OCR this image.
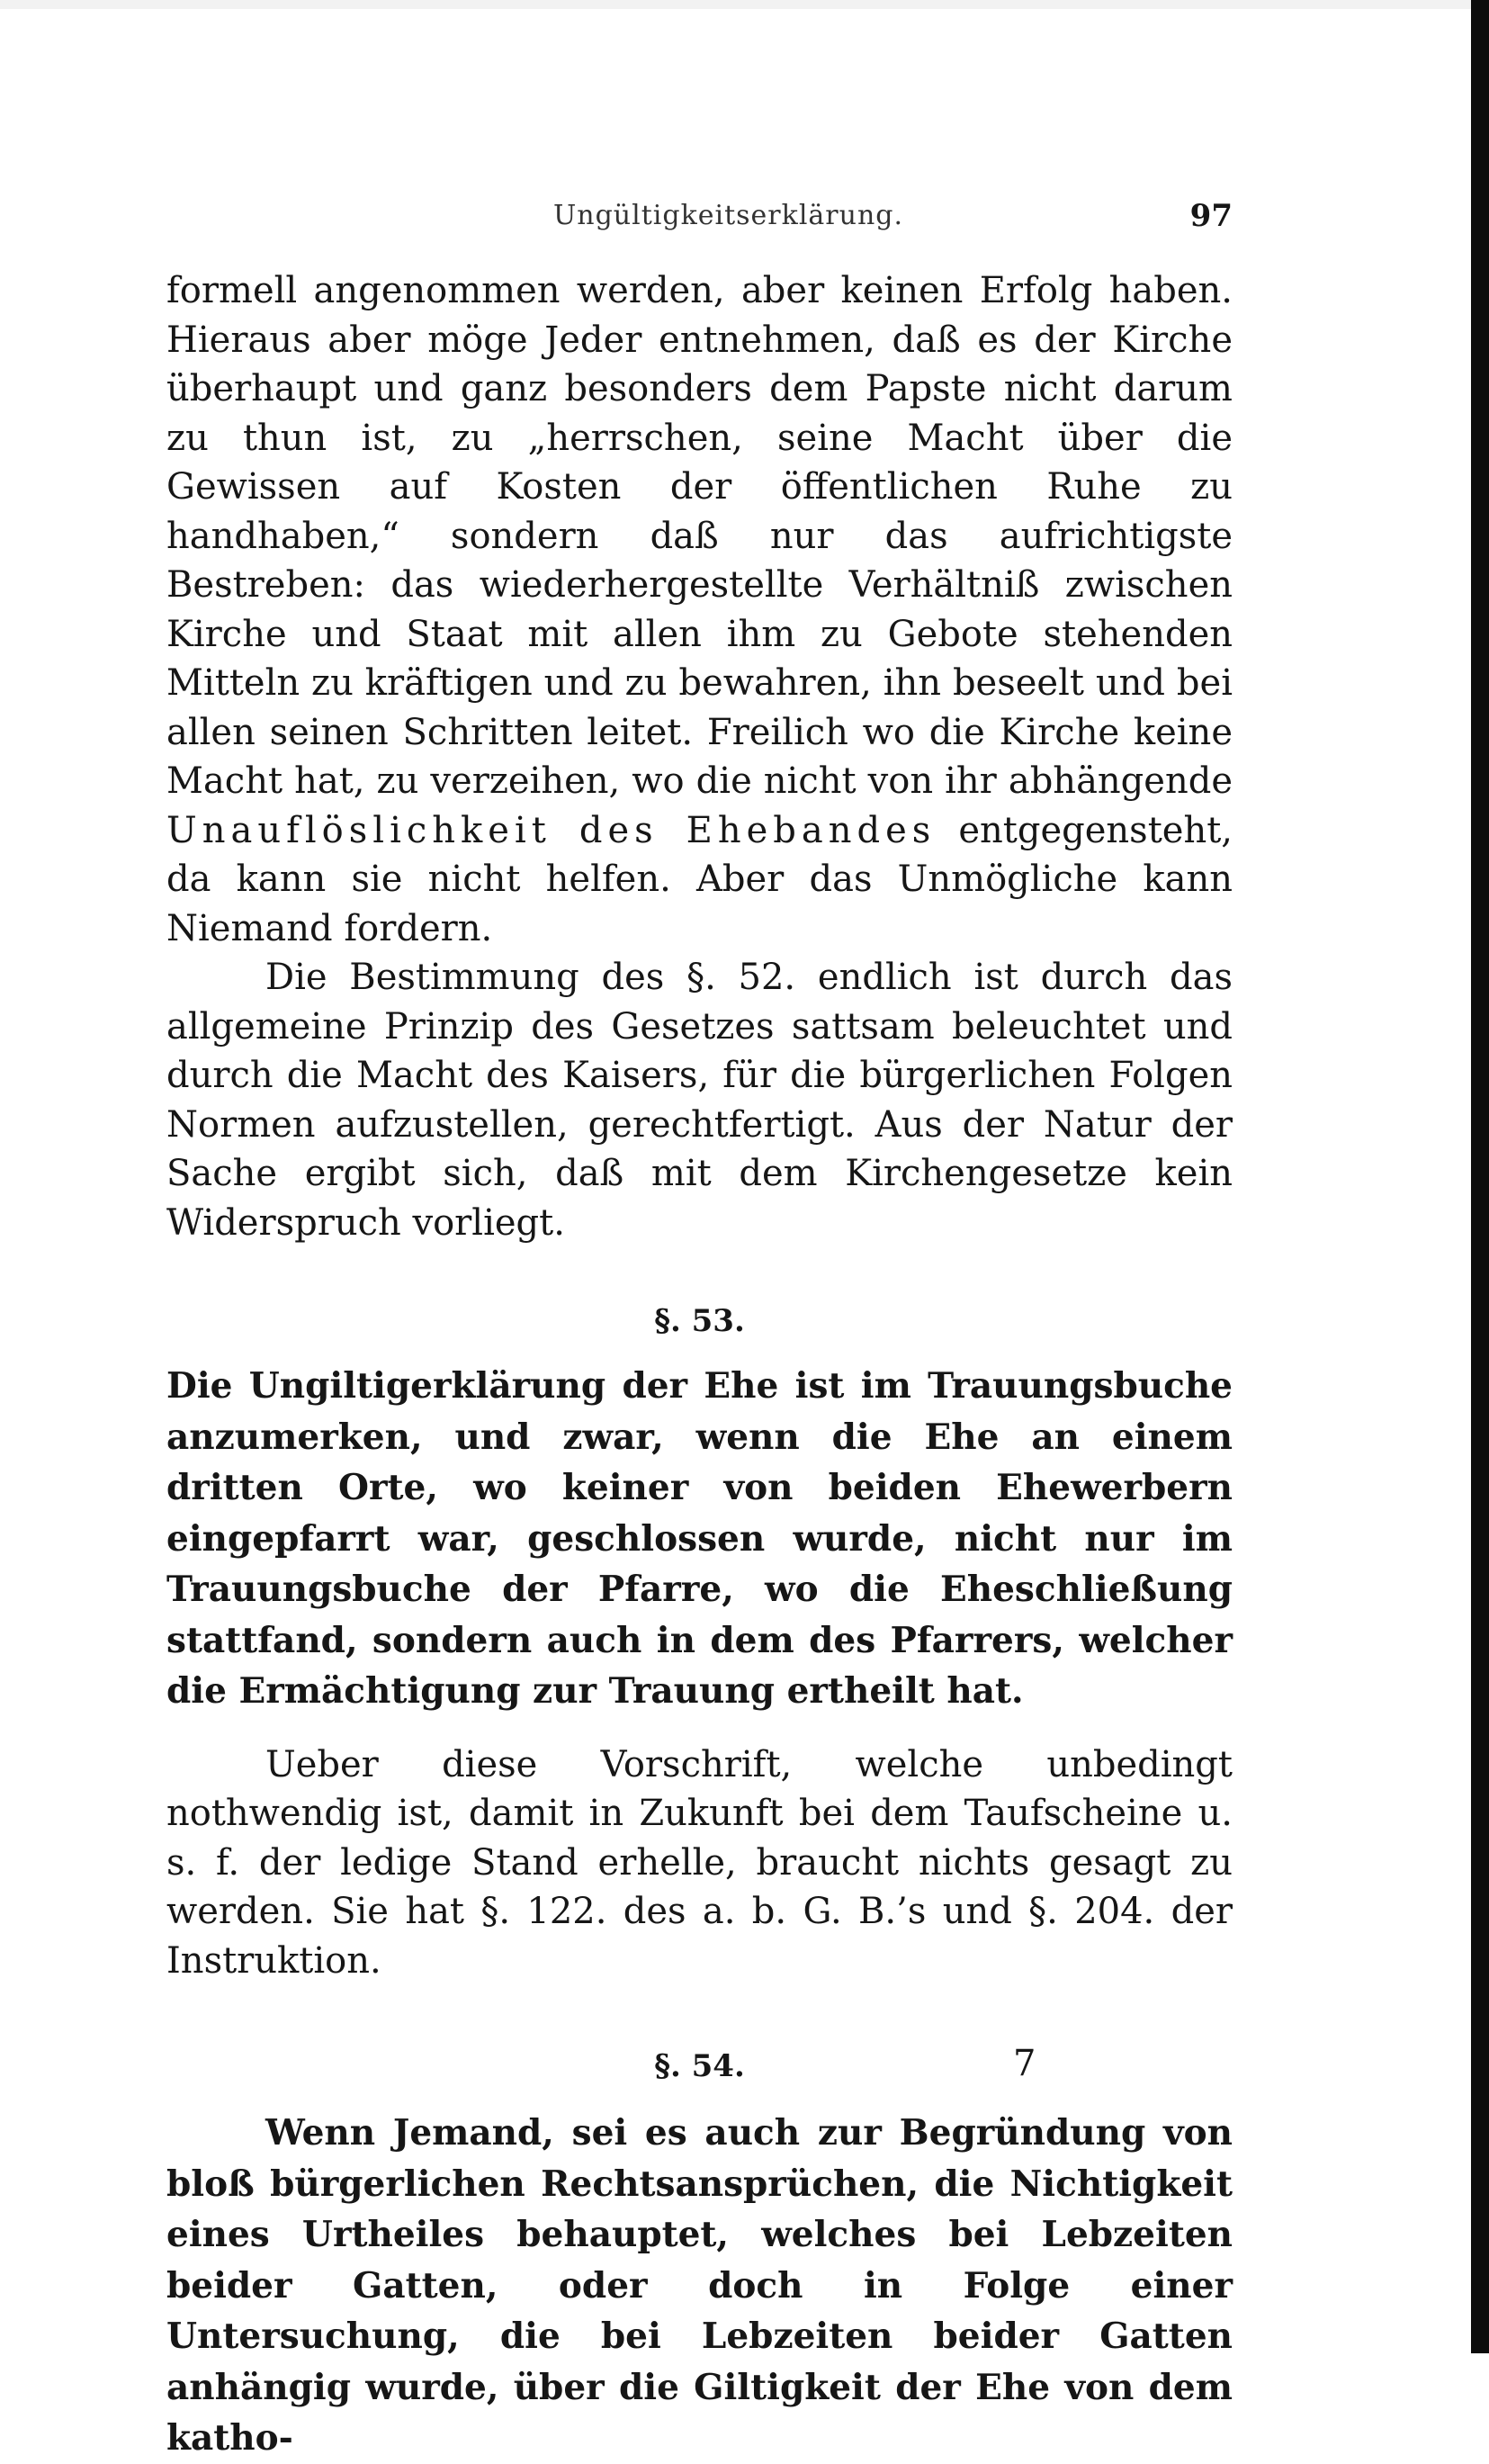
Ungültigkeitserklärung.	97

formell angenommen werden, aber keinen Erfolg haben. Hieraus aber möge Jeder entnehmen, daß es der Kirche überhaupt und ganz besonders dem Papste nicht darum zu thun ist, zu „herrschen, seine Macht über die Gewissen auf Kosten der öffentlichen Ruhe zu handhaben,“ sondern daß nur das aufrichtigste Bestreben: das wiederhergestellte Verhältniß zwischen Kirche und Staat mit allen ihm zu Gebote stehenden Mitteln zu kräftigen und zu bewahren, ihn beseelt und bei allen seinen Schritten leitet. Freilich wo die Kirche keine Macht hat, zu verzeihen, wo die nicht von ihr abhängende Unauflöslichkeit des Ehebandes entgegensteht, da kann sie nicht helfen. Aber das Unmögliche kann Niemand fordern.

Die Bestimmung des §. 52. endlich ist durch das allgemeine Prinzip des Gesetzes sattsam beleuchtet und durch die Macht des Kaisers, für die bürgerlichen Folgen Normen aufzustellen, gerechtfertigt. Aus der Natur der Sache ergibt sich, daß mit dem Kirchengesetze kein Widerspruch vorliegt.

§. 53.

Die Ungiltigerklärung der Ehe ist im Trauungsbuche anzumerken, und zwar, wenn die Ehe an einem dritten Orte, wo keiner von beiden Ehewerbern eingepfarrt war, geschlossen wurde, nicht nur im Trauungsbuche der Pfarre, wo die Eheschließung stattfand, sondern auch in dem des Pfarrers, welcher die Ermächtigung zur Trauung ertheilt hat.

Ueber diese Vorschrift, welche unbedingt nothwendig ist, damit in Zukunft bei dem Taufscheine u. s. f. der ledige Stand erhelle, braucht nichts gesagt zu werden. Sie hat §. 122. des a. b. G. B.’s und §. 204. der Instruktion.

§. 54.

Wenn Jemand, sei es auch zur Begründung von bloß bürgerlichen Rechtsansprüchen, die Nichtigkeit eines Urtheiles behauptet, welches bei Lebzeiten beider Gatten, oder doch in Folge einer Untersuchung, die bei Lebzeiten beider Gatten anhängig wurde, über die Giltigkeit der Ehe von dem katho-

7
